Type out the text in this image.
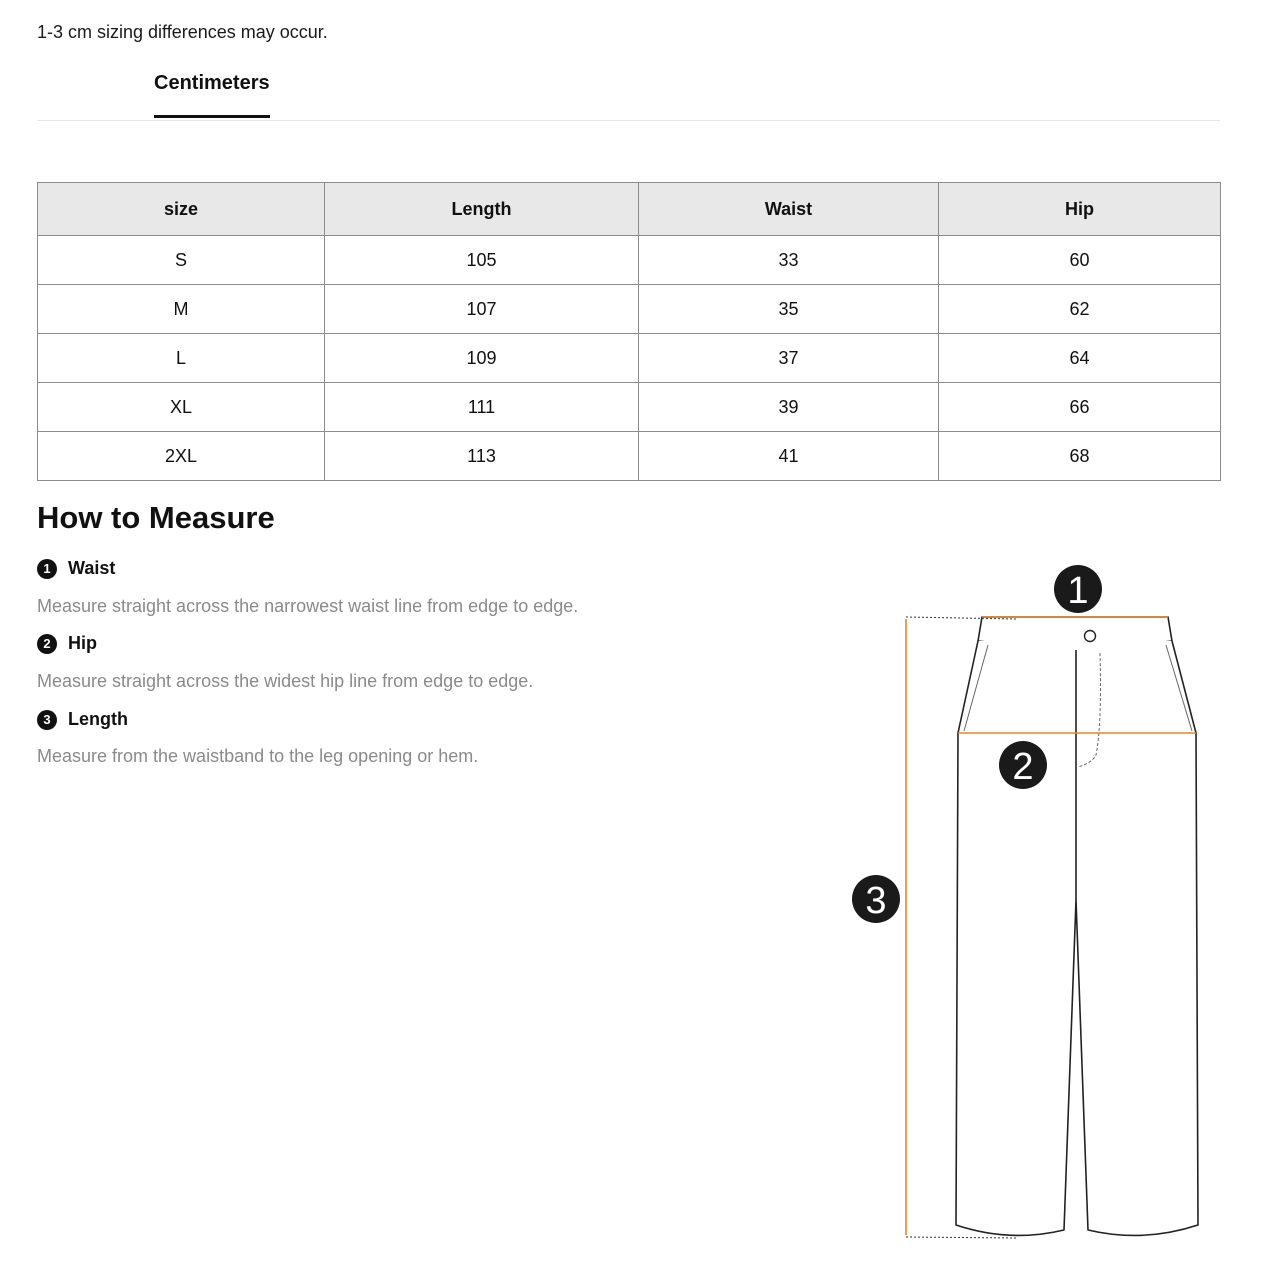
1-3 cm sizing differences may occur.
Centimeters
size	Length	Waist	Hip
S	105	33	60
M	107	35	62
L	109	37	64
XL	111	39	66
2XL	113	41	68
How to Measure
1 Waist
Measure straight across the narrowest waist line from edge to edge.
2 Hip
Measure straight across the widest hip line from edge to edge.
3 Length
Measure from the waistband to the leg opening or hem.
1
2
3
